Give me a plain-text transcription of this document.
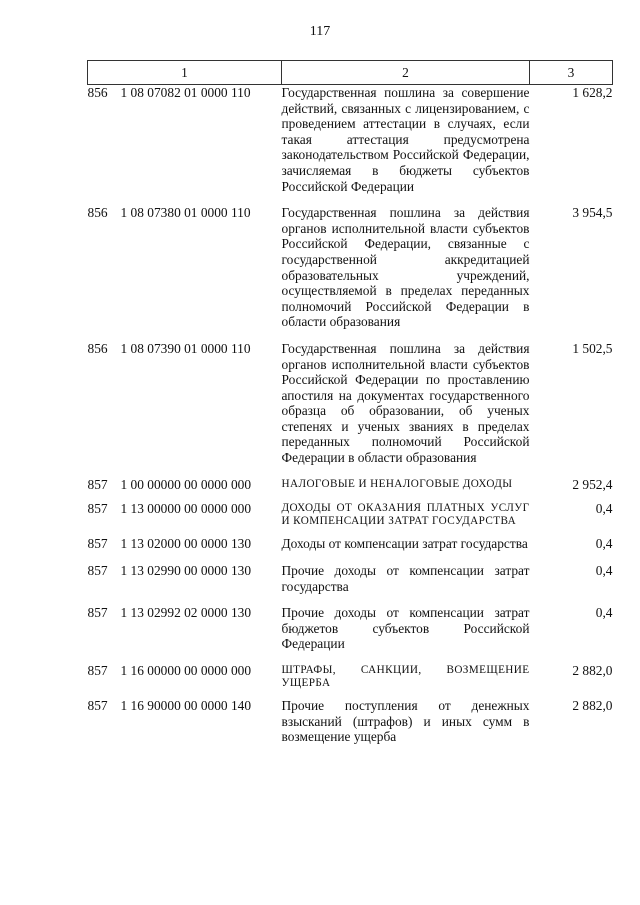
117
1	2	3
856 1 08 07082 01 0000 110	Государственная пошлина за совершение действий, связанных с лицензированием, с проведением аттестации в случаях, если такая аттестация предусмотрена законодательством Российской Федерации, зачисляемая в бюджеты субъектов Российской Федерации	1 628,2
856 1 08 07380 01 0000 110	Государственная пошлина за действия органов исполнительной власти субъектов Российской Федерации, связанные с государственной аккредитацией образовательных учреждений, осуществляемой в пределах переданных полномочий Российской Федерации в области образования	3 954,5
856 1 08 07390 01 0000 110	Государственная пошлина за действия органов исполнительной власти субъектов Российской Федерации по проставлению апостиля на документах государственного образца об образовании, об ученых степенях и ученых званиях в пределах переданных полномочий Российской Федерации в области образования	1 502,5
857 1 00 00000 00 0000 000	НАЛОГОВЫЕ И НЕНАЛОГОВЫЕ ДОХОДЫ	2 952,4
857 1 13 00000 00 0000 000	ДОХОДЫ ОТ ОКАЗАНИЯ ПЛАТНЫХ УСЛУГ И КОМПЕНСАЦИИ ЗАТРАТ ГОСУДАРСТВА	0,4
857 1 13 02000 00 0000 130	Доходы от компенсации затрат государства	0,4
857 1 13 02990 00 0000 130	Прочие доходы от компенсации затрат государства	0,4
857 1 13 02992 02 0000 130	Прочие доходы от компенсации затрат бюджетов субъектов Российской Федерации	0,4
857 1 16 00000 00 0000 000	ШТРАФЫ, САНКЦИИ, ВОЗМЕЩЕНИЕ УЩЕРБА	2 882,0
857 1 16 90000 00 0000 140	Прочие поступления от денежных взысканий (штрафов) и иных сумм в возмещение ущерба	2 882,0
